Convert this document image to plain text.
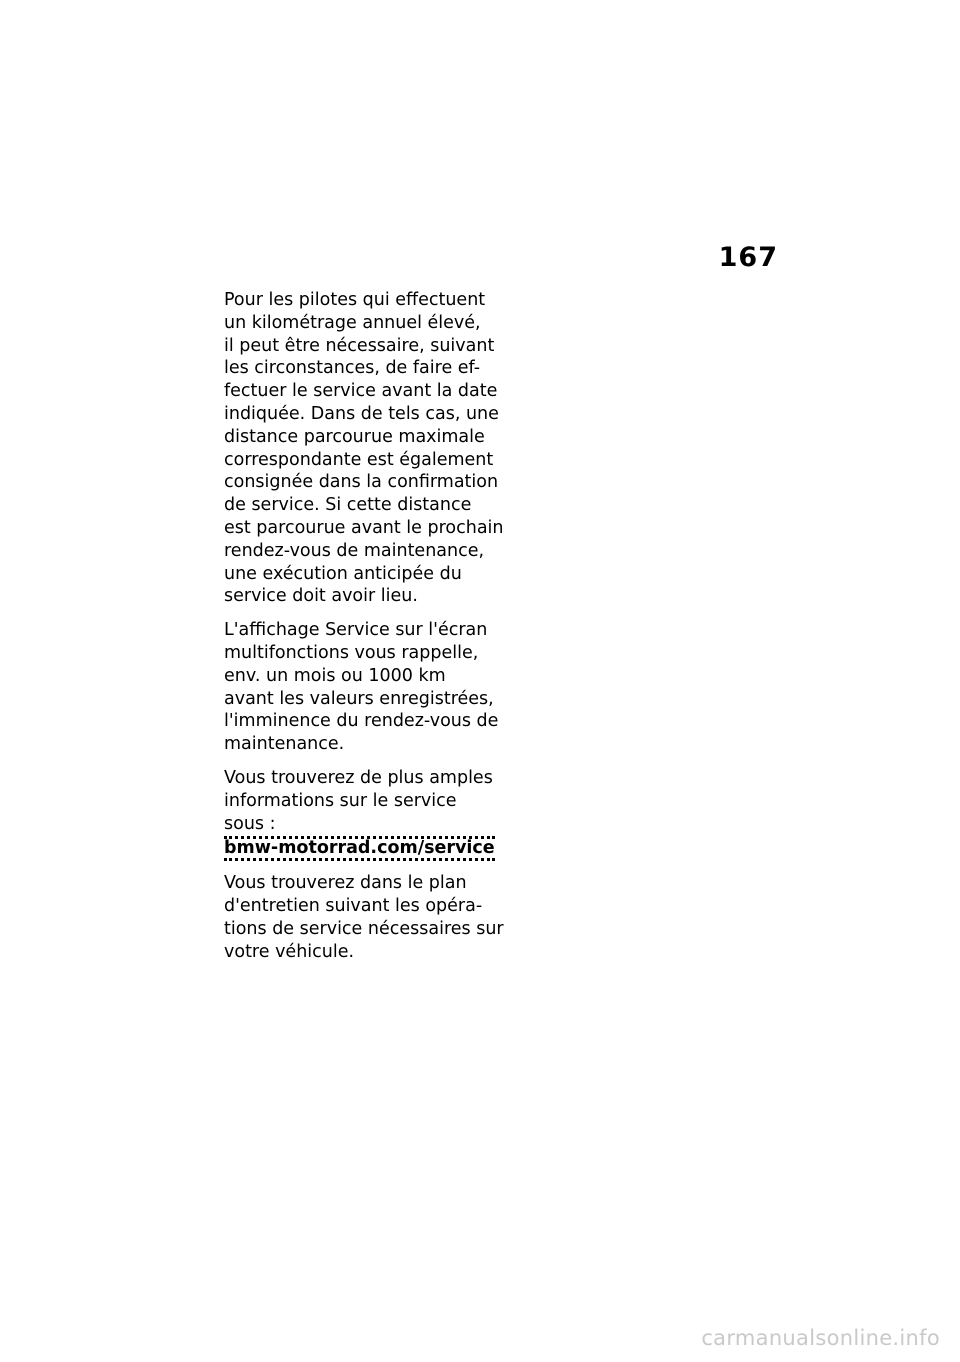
167

Pour les pilotes qui effectuent
un kilométrage annuel élevé,
il peut être nécessaire, suivant
les circonstances, de faire ef-
fectuer le service avant la date
indiquée. Dans de tels cas, une
distance parcourue maximale
correspondante est également
consignée dans la confirmation
de service. Si cette distance
est parcourue avant le prochain
rendez-vous de maintenance,
une exécution anticipée du
service doit avoir lieu.

L'affichage Service sur l'écran
multifonctions vous rappelle,
env. un mois ou 1000 km
avant les valeurs enregistrées,
l'imminence du rendez-vous de
maintenance.

Vous trouverez de plus amples
informations sur le service
sous :
bmw-motorrad.com/service

Vous trouverez dans le plan
d'entretien suivant les opéra-
tions de service nécessaires sur
votre véhicule.

carmanualsonline.info
